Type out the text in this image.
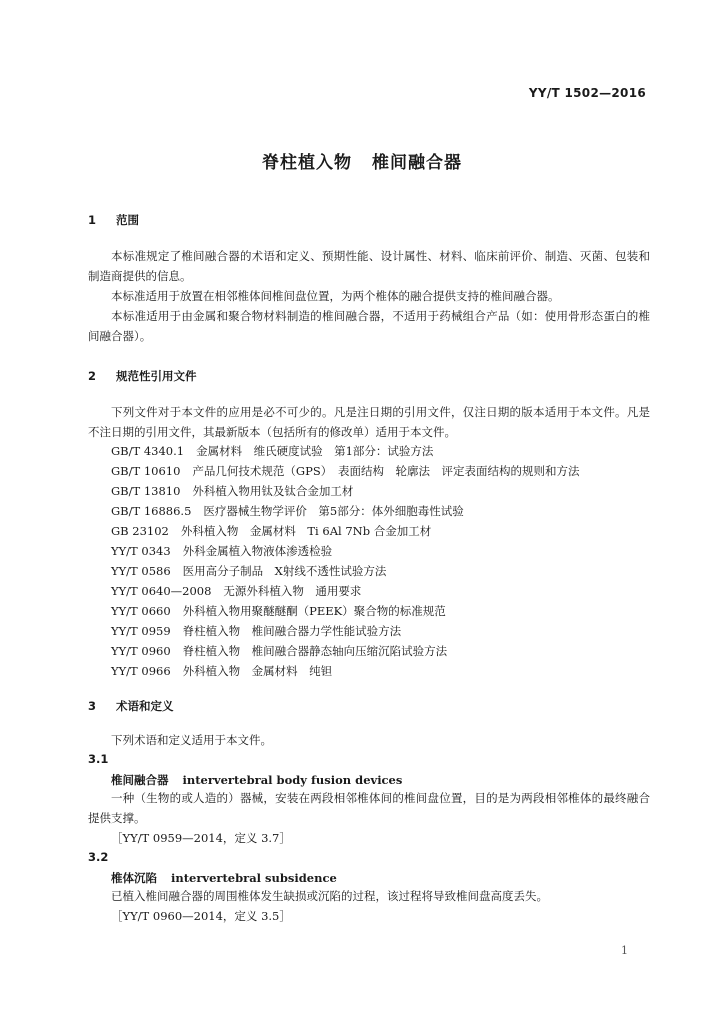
YY/T 1502—2016
脊柱植入物 椎间融合器
1 范围
本标准规定了椎间融合器的术语和定义、预期性能、设计属性、材料、临床前评价、制造、灭菌、包装和制造商提供的信息。
本标准适用于放置在相邻椎体间椎间盘位置，为两个椎体的融合提供支持的椎间融合器。
本标准适用于由金属和聚合物材料制造的椎间融合器，不适用于药械组合产品（如：使用骨形态蛋白的椎间融合器）。
2 规范性引用文件
下列文件对于本文件的应用是必不可少的。凡是注日期的引用文件，仅注日期的版本适用于本文件。凡是不注日期的引用文件，其最新版本（包括所有的修改单）适用于本文件。
GB/T 4340.1 金属材料　维氏硬度试验　第1部分：试验方法
GB/T 10610 产品几何技术规范（GPS）　表面结构　轮廓法　评定表面结构的规则和方法
GB/T 13810 外科植入物用钛及钛合金加工材
GB/T 16886.5 医疗器械生物学评价　第5部分：体外细胞毒性试验
GB 23102 外科植入物　金属材料　Ti 6Al 7Nb 合金加工材
YY/T 0343 外科金属植入物液体渗透检验
YY/T 0586 医用高分子制品　X射线不透性试验方法
YY/T 0640—2008 无源外科植入物　通用要求
YY/T 0660 外科植入物用聚醚醚酮（PEEK）聚合物的标准规范
YY/T 0959 脊柱植入物　椎间融合器力学性能试验方法
YY/T 0960 脊柱植入物　椎间融合器静态轴向压缩沉陷试验方法
YY/T 0966 外科植入物　金属材料　纯钽
3 术语和定义
下列术语和定义适用于本文件。
3.1
椎间融合器 intervertebral body fusion devices
一种（生物的或人造的）器械，安装在两段相邻椎体间的椎间盘位置，目的是为两段相邻椎体的最终融合提供支撑。
［YY/T 0959—2014，定义 3.7］
3.2
椎体沉陷 intervertebral subsidence
已植入椎间融合器的周围椎体发生缺损或沉陷的过程，该过程将导致椎间盘高度丢失。
［YY/T 0960—2014，定义 3.5］
1
